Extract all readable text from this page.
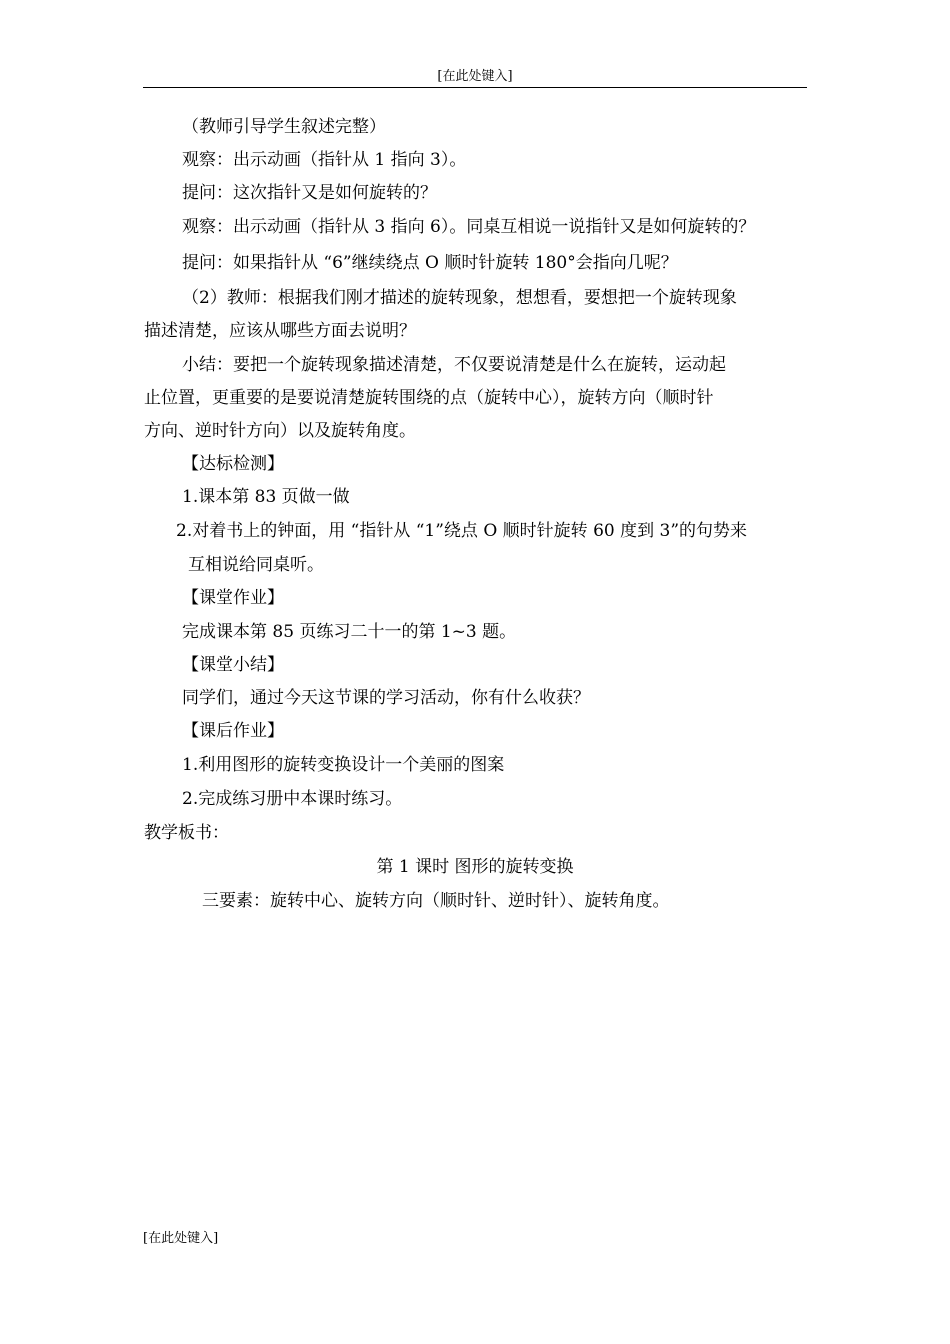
[在此处键入]
（教师引导学生叙述完整）
观察：出示动画（指针从 1 指向 3）。
提问：这次指针又是如何旋转的？
观察：出示动画（指针从 3 指向 6）。同桌互相说一说指针又是如何旋转的？
提问：如果指针从 “6”继续绕点 O 顺时针旋转 180°会指向几呢？
（2）教师：根据我们刚才描述的旋转现象，想想看，要想把一个旋转现象
描述清楚，应该从哪些方面去说明？
小结：要把一个旋转现象描述清楚，不仅要说清楚是什么在旋转，运动起
止位置，更重要的是要说清楚旋转围绕的点（旋转中心），旋转方向（顺时针
方向、逆时针方向）以及旋转角度。
【达标检测】
1.课本第 83 页做一做
2.对着书上的钟面，用 “指针从 “1”绕点 O 顺时针旋转 60 度到 3”的句势来
互相说给同桌听。
【课堂作业】
完成课本第 85 页练习二十一的第 1~3 题。
【课堂小结】
同学们，通过今天这节课的学习活动，你有什么收获？
【课后作业】
1.利用图形的旋转变换设计一个美丽的图案
2.完成练习册中本课时练习。
教学板书：
第 1 课时 图形的旋转变换
三要素：旋转中心、旋转方向（顺时针、逆时针）、旋转角度。
[在此处键入]
